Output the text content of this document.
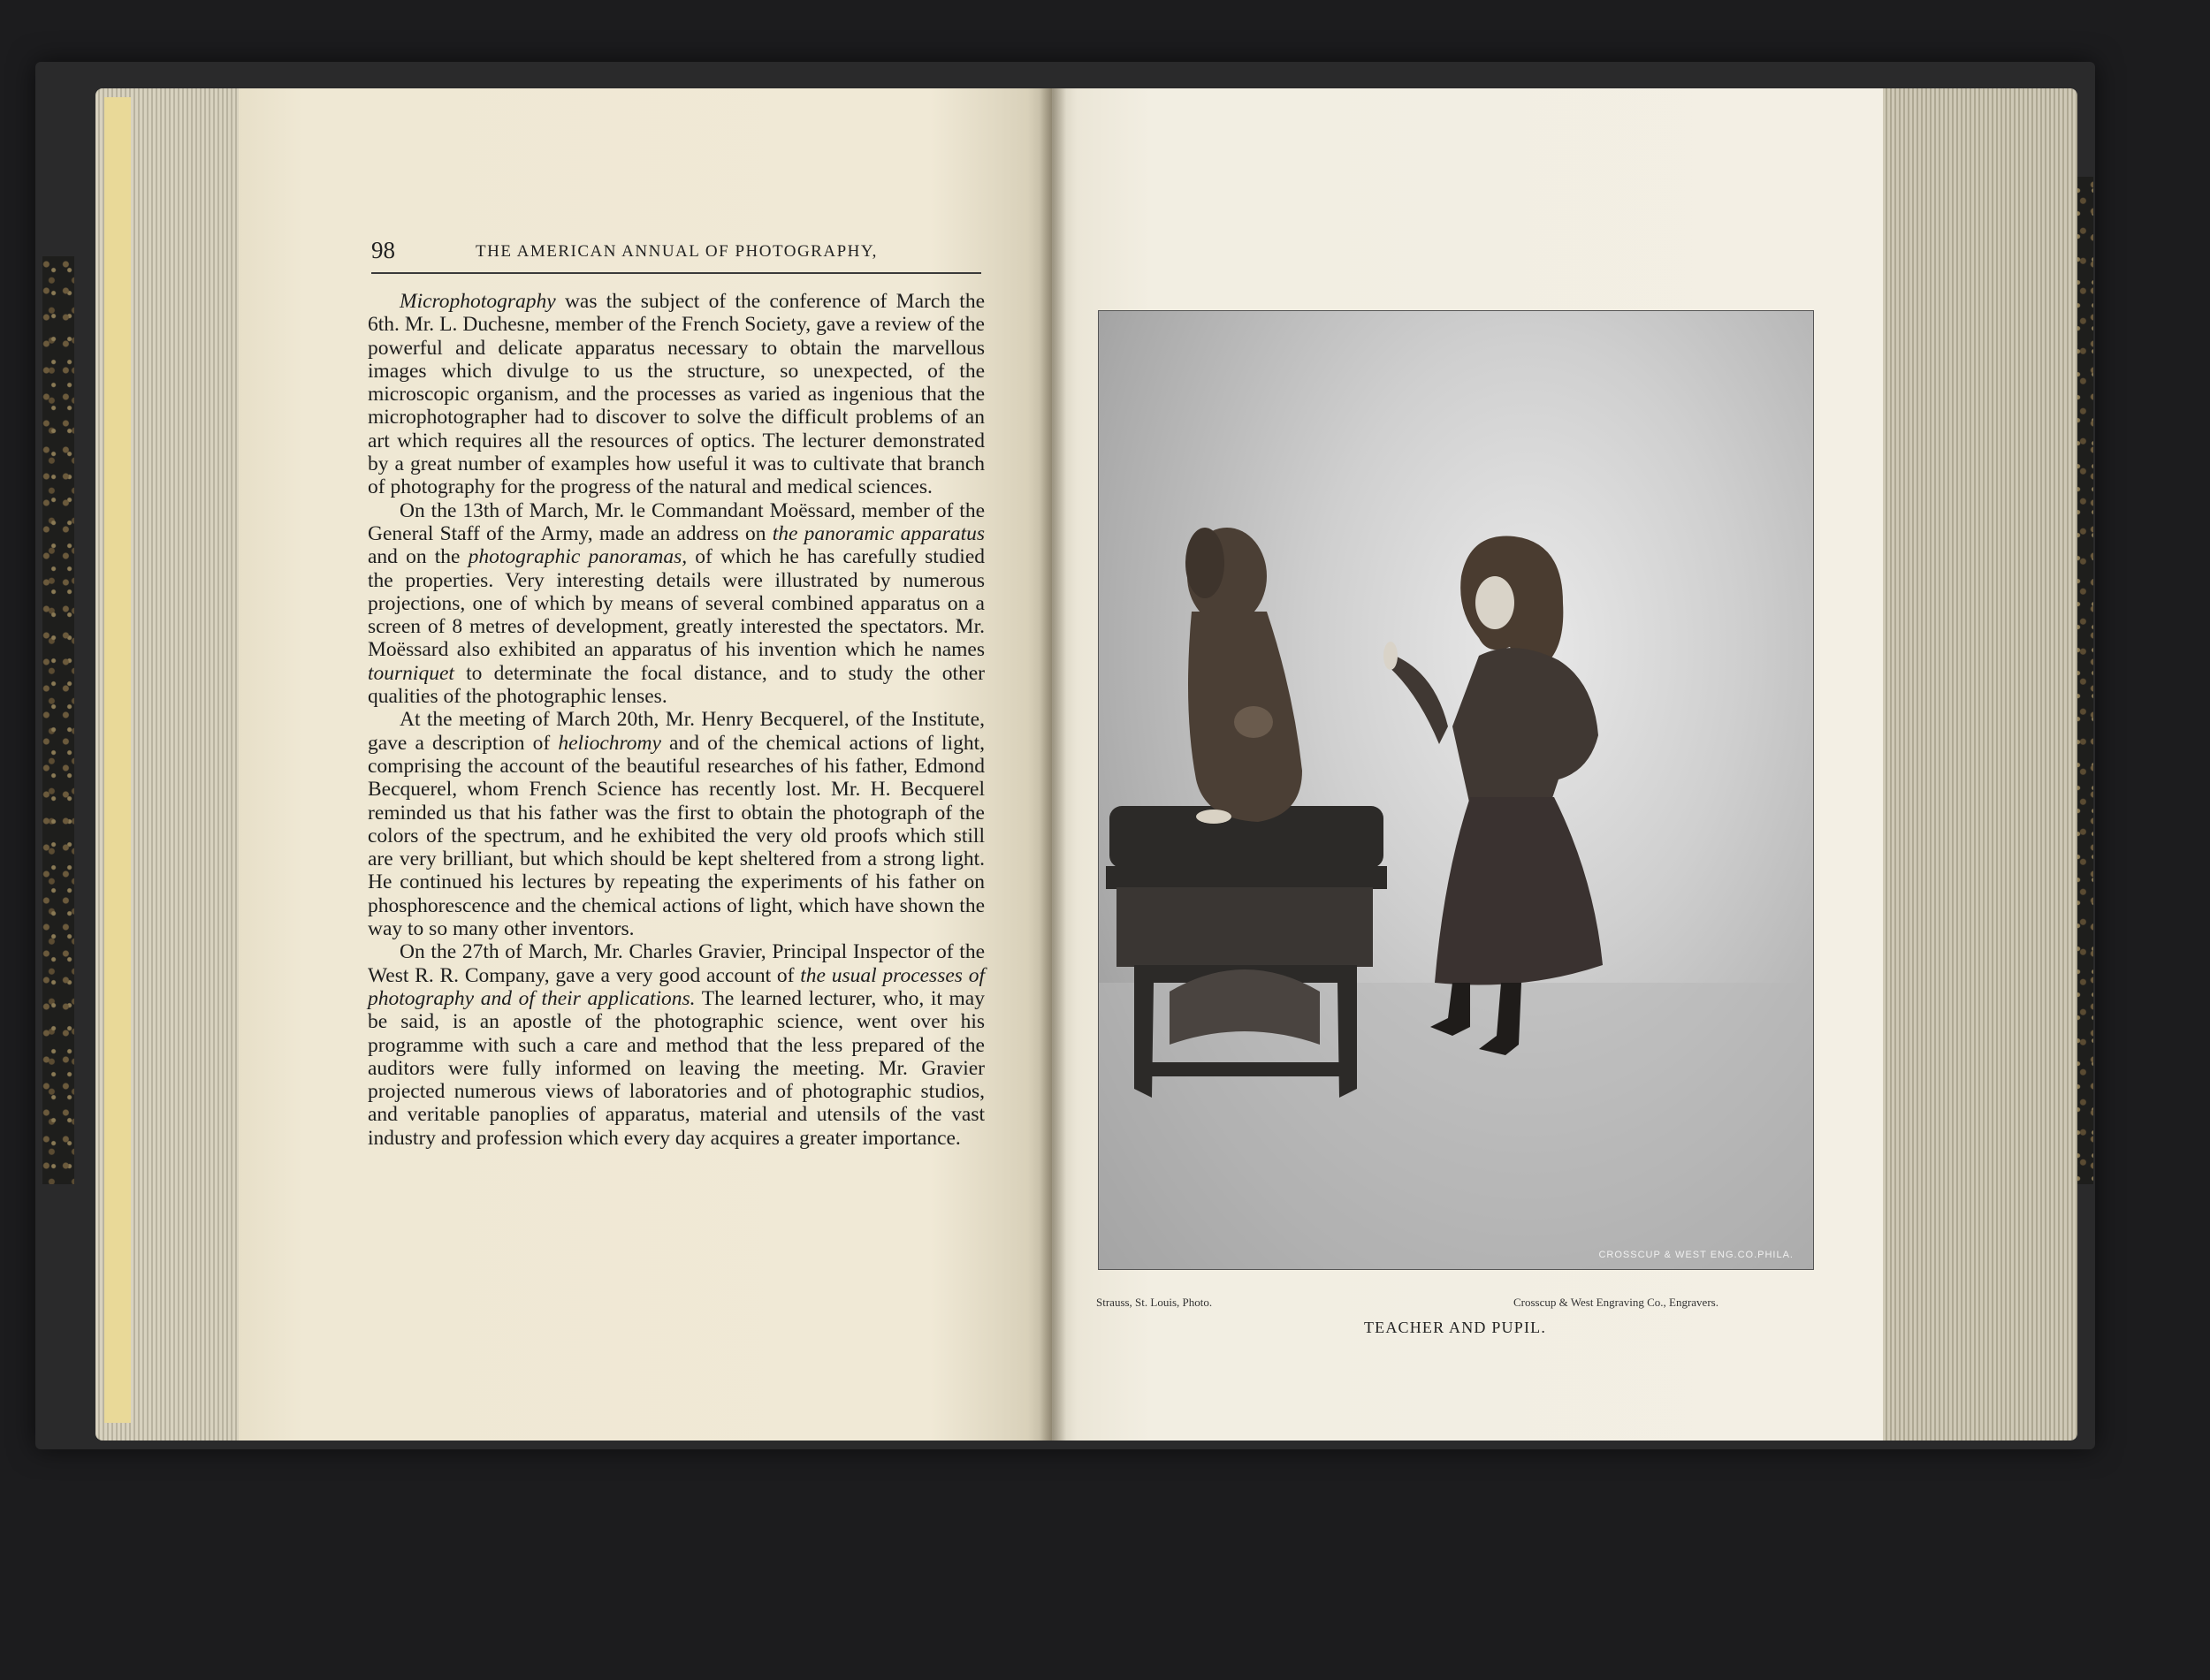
98	THE AMERICAN ANNUAL OF PHOTOGRAPHY,

Microphotography was the subject of the conference of March the 6th. Mr. L. Duchesne, member of the French Society, gave a review of the powerful and delicate apparatus necessary to obtain the marvellous images which divulge to us the structure, so unexpected, of the microscopic organism, and the processes as varied as ingenious that the microphotographer had to discover to solve the difficult problems of an art which requires all the resources of optics. The lecturer demonstrated by a great number of examples how useful it was to cultivate that branch of photography for the progress of the natural and medical sciences.

On the 13th of March, Mr. le Commandant Moëssard, member of the General Staff of the Army, made an address on the panoramic apparatus and on the photographic panoramas, of which he has carefully studied the properties. Very interesting details were illustrated by numerous projections, one of which by means of several combined apparatus on a screen of 8 metres of development, greatly interested the spectators. Mr. Moëssard also exhibited an apparatus of his invention which he names tourniquet to determinate the focal distance, and to study the other qualities of the photographic lenses.

At the meeting of March 20th, Mr. Henry Becquerel, of the Institute, gave a description of heliochromy and of the chemical actions of light, comprising the account of the beautiful researches of his father, Edmond Becquerel, whom French Science has recently lost. Mr. H. Becquerel reminded us that his father was the first to obtain the photograph of the colors of the spectrum, and he exhibited the very old proofs which still are very brilliant, but which should be kept sheltered from a strong light. He continued his lectures by repeating the experiments of his father on phosphorescence and the chemical actions of light, which have shown the way to so many other inventors.

On the 27th of March, Mr. Charles Gravier, Principal Inspector of the West R. R. Company, gave a very good account of the usual processes of photography and of their applications. The learned lecturer, who, it may be said, is an apostle of the photographic science, went over his programme with such a care and method that the less prepared of the auditors were fully informed on leaving the meeting. Mr. Gravier projected numerous views of laboratories and of photographic studios, and veritable panoplies of apparatus, material and utensils of the vast industry and profession which every day acquires a greater importance.

CROSSCUP & WEST ENG.CO.PHILA.
Strauss, St. Louis, Photo.	Crosscup & West Engraving Co., Engravers.
TEACHER AND PUPIL.
